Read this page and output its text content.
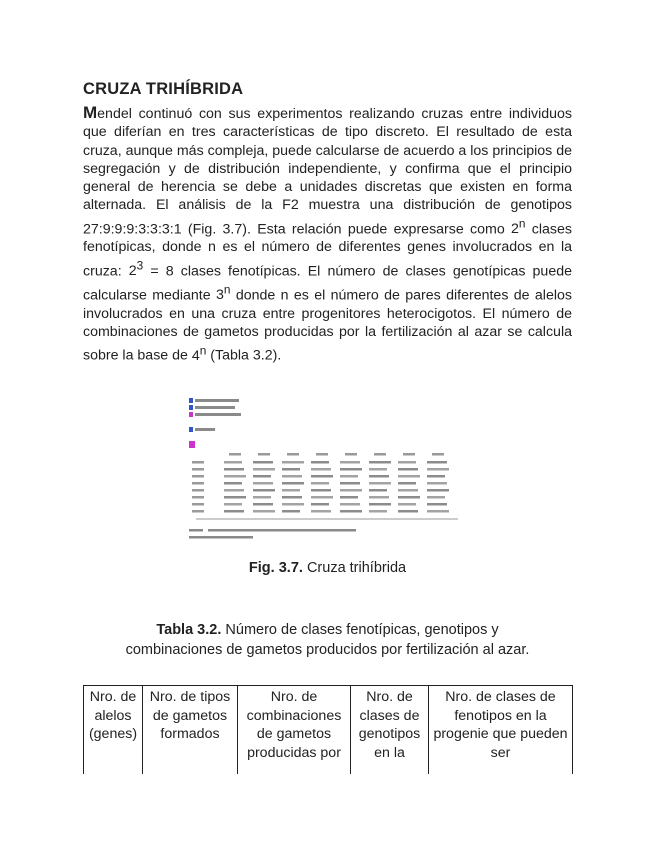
CRUZA TRIHÍBRIDA

Mendel continuó con sus experimentos realizando cruzas entre individuos que diferían en tres características de tipo discreto. El resultado de esta cruza, aunque más compleja, puede calcularse de acuerdo a los principios de segregación y de distribución independiente, y confirma que el principio general de herencia se debe a unidades discretas que existen en forma alternada. El análisis de la F2 muestra una distribución de genotipos 27:9:9:9:3:3:3:1 (Fig. 3.7). Esta relación puede expresarse como 2$^n$ clases fenotípicas, donde n es el número de diferentes genes involucrados en la cruza: $2^3 = 8$ clases fenotípicas. El número de clases genotípicas puede calcularse mediante 3$^n$ donde n es el número de pares diferentes de alelos involucrados en una cruza entre progenitores heterocigotos. El número de combinaciones de gametos producidas por la fertilización al azar se calcula sobre la base de 4$^n$ (Tabla 3.2).

Fig. 3.7. Cruza trihíbrida

Tabla 3.2. Número de clases fenotípicas, genotipos y combinaciones de gametos producidos por fertilización al azar.

Nro. de alelos (genes)	Nro. de tipos de gametos formados	Nro. de combinaciones de gametos producidas por	Nro. de clases de genotipos en la	Nro. de clases de fenotipos en la progenie que pueden ser
